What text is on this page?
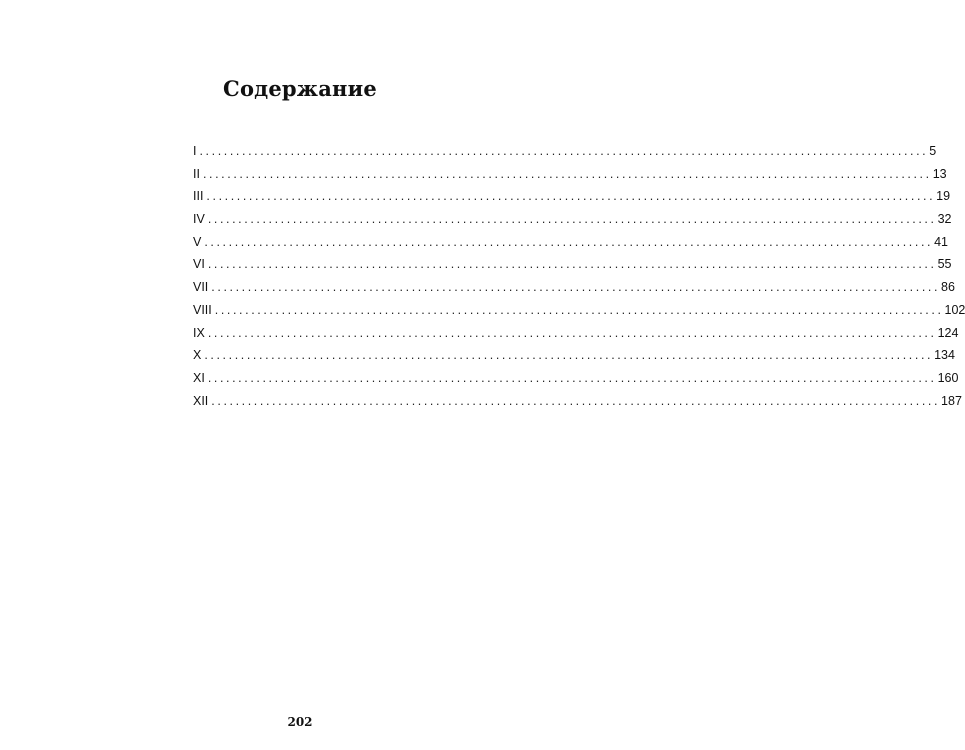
Содержание
I ........................................................................................................................ 5
II ........................................................................................................................ 13
III ........................................................................................................................ 19
IV ........................................................................................................................ 32
V ........................................................................................................................ 41
VI ........................................................................................................................ 55
VII ........................................................................................................................ 86
VIII ........................................................................................................................ 102
IX ........................................................................................................................ 124
X ........................................................................................................................ 134
XI ........................................................................................................................ 160
XII ........................................................................................................................ 187
202
